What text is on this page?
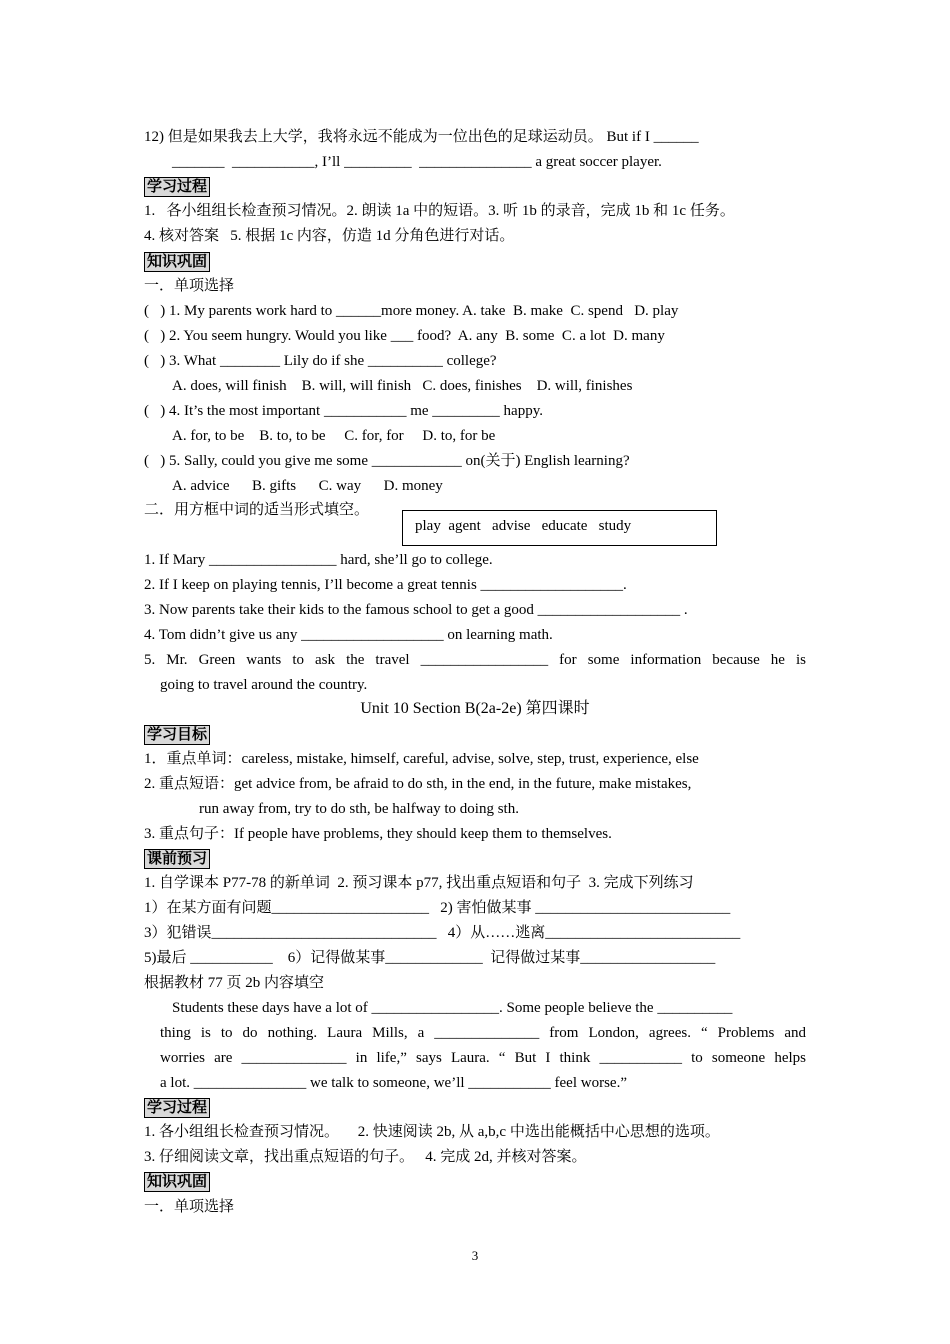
12) 但是如果我去上大学，我将永远不能成为一位出色的足球运动员。 But if I ______
_______  ___________, I’ll _________  _______________ a great soccer player.
学习过程
1.   各小组组长检查预习情况。2. 朗读 1a 中的短语。3. 听 1b 的录音，完成 1b 和 1c 任务。
4. 核对答案   5. 根据 1c 内容，仿造 1d 分角色进行对话。
知识巩固
一．单项选择
(   ) 1. My parents work hard to ______more money. A. take  B. make  C. spend   D. play
(   ) 2. You seem hungry. Would you like ___ food?  A. any  B. some  C. a lot  D. many
(   ) 3. What ________ Lily do if she __________ college?
A. does, will finish    B. will, will finish   C. does, finishes    D. will, finishes
(   ) 4. It’s the most important ___________ me _________ happy.
A. for, to be    B. to, to be     C. for, for     D. to, for be
(   ) 5. Sally, could you give me some ____________ on(关于) English learning?
A. advice      B. gifts      C. way      D. money
二．用方框中词的适当形式填空。
play  agent   advise   educate   study
1. If Mary _________________ hard, she’ll go to college.
2. If I keep on playing tennis, I’ll become a great tennis ___________________.
3. Now parents take their kids to the famous school to get a good ___________________ .
4. Tom didn’t give us any ___________________ on learning math.
5. Mr. Green wants to ask the travel _________________ for some information because he is
going to travel around the country.
Unit 10 Section B(2a-2e) 第四课时
学习目标
1．重点单词：careless, mistake, himself, careful, advise, solve, step, trust, experience, else
2. 重点短语：get advice from, be afraid to do sth, in the end, in the future, make mistakes,
run away from, try to do sth, be halfway to doing sth.
3. 重点句子：If people have problems, they should keep them to themselves.
课前预习
1. 自学课本 P77-78 的新单词  2. 预习课本 p77, 找出重点短语和句子  3. 完成下列练习
1）在某方面有问题_____________________   2) 害怕做某事 __________________________
3）犯错误______________________________   4）从……逃离__________________________
5)最后 ___________    6）记得做某事_____________  记得做过某事__________________
根据教材 77 页 2b 内容填空
Students these days have a lot of _________________. Some people believe the __________
thing is to do nothing. Laura Mills, a ______________ from London, agrees. “ Problems and
worries are ______________ in life,” says Laura. “ But I think ___________ to someone helps
a lot. _______________ we talk to someone, we’ll ___________ feel worse.”
学习过程
1. 各小组组长检查预习情况。     2. 快速阅读 2b, 从 a,b,c 中选出能概括中心思想的选项。
3. 仔细阅读文章，找出重点短语的句子。   4. 完成 2d, 并核对答案。
知识巩固
一．单项选择
3
